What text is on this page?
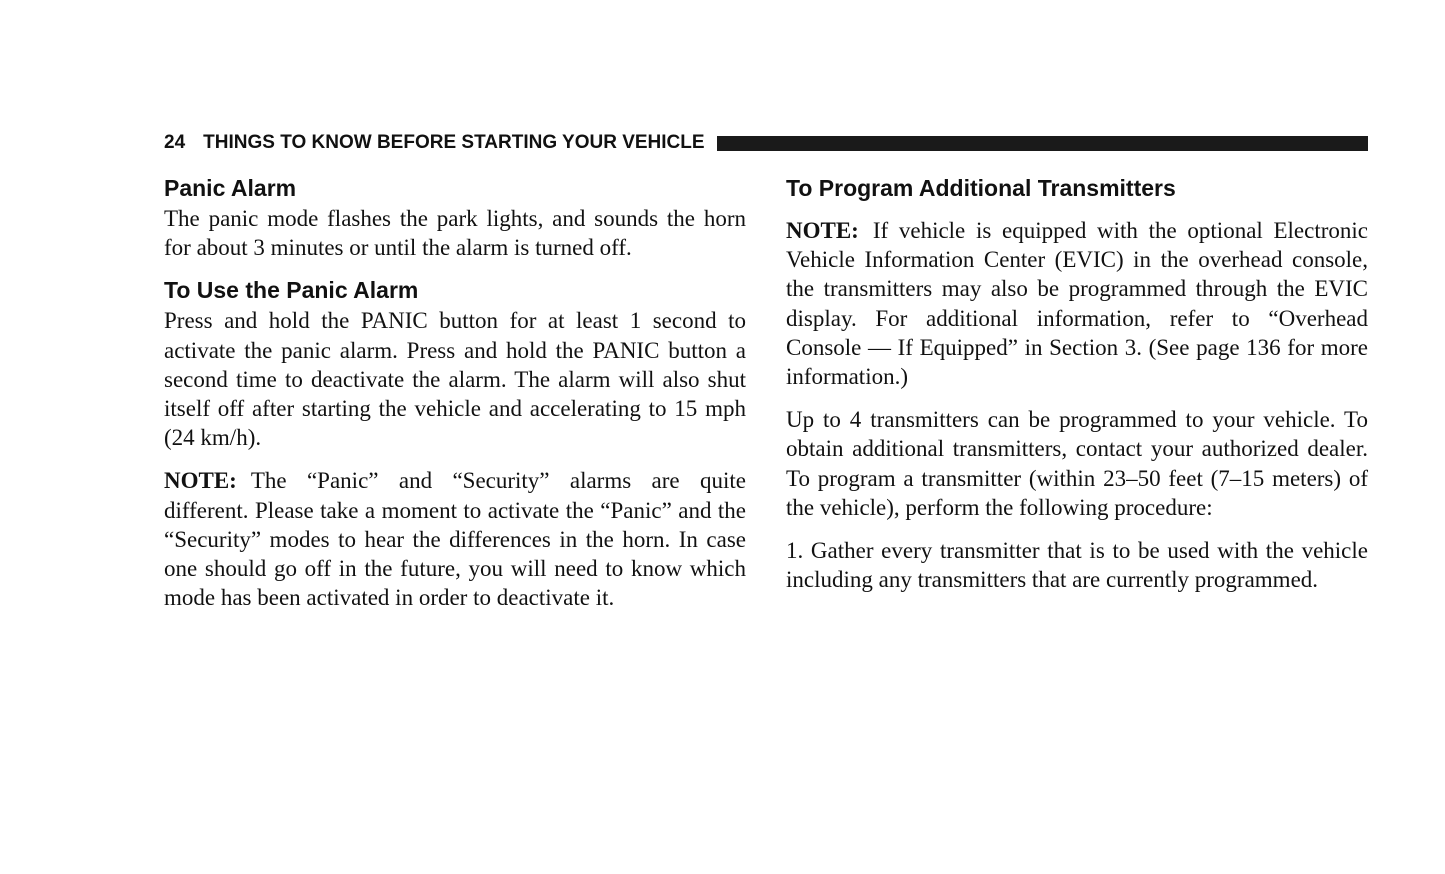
24 THINGS TO KNOW BEFORE STARTING YOUR VEHICLE
Panic Alarm

The panic mode flashes the park lights, and sounds the horn for about 3 minutes or until the alarm is turned off.

To Use the Panic Alarm

Press and hold the PANIC button for at least 1 second to activate the panic alarm. Press and hold the PANIC button a second time to deactivate the alarm. The alarm will also shut itself off after starting the vehicle and accelerating to 15 mph (24 km/h).

NOTE: The “Panic” and “Security” alarms are quite different. Please take a moment to activate the “Panic” and the “Security” modes to hear the differences in the horn. In case one should go off in the future, you will need to know which mode has been activated in order to deactivate it.

To Program Additional Transmitters

NOTE: If vehicle is equipped with the optional Electronic Vehicle Information Center (EVIC) in the overhead console, the transmitters may also be programmed through the EVIC display. For additional information, refer to “Overhead Console — If Equipped” in Section 3. (See page 136 for more information.)

Up to 4 transmitters can be programmed to your vehicle. To obtain additional transmitters, contact your authorized dealer. To program a transmitter (within 23–50 feet (7–15 meters) of the vehicle), perform the following procedure:

1. Gather every transmitter that is to be used with the vehicle including any transmitters that are currently programmed.
